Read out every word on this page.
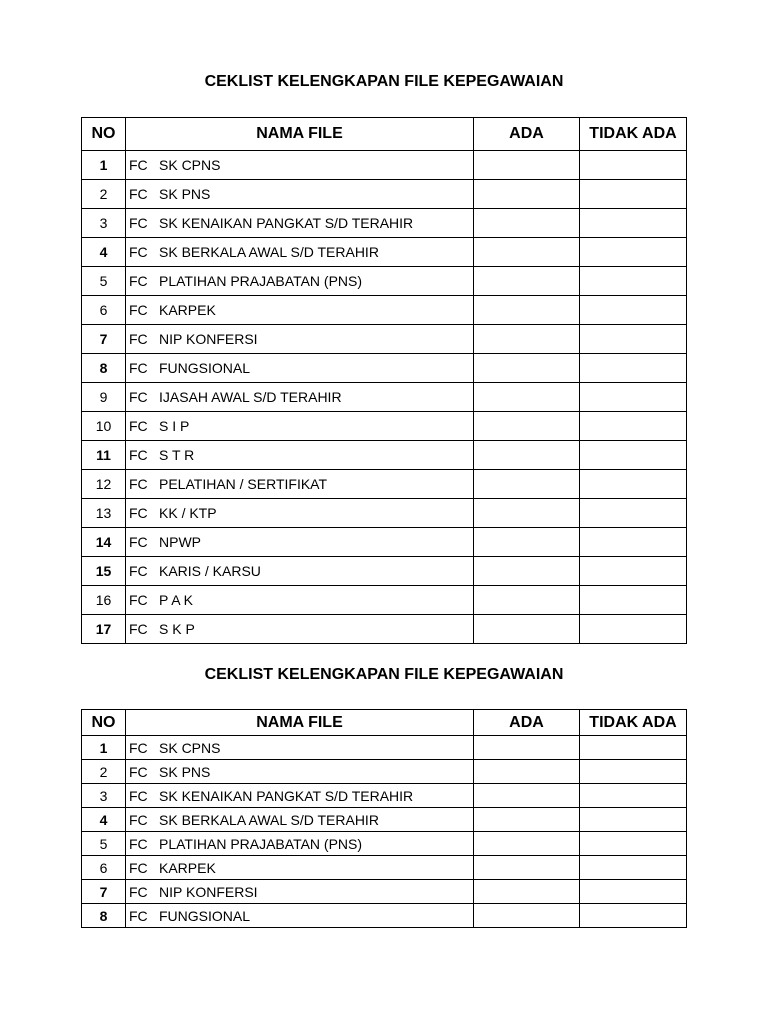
CEKLIST KELENGKAPAN FILE KEPEGAWAIAN
NO	NAMA FILE	ADA	TIDAK ADA
1	FC SK CPNS		
2	FC SK PNS		
3	FC SK KENAIKAN PANGKAT S/D TERAHIR		
4	FC SK BERKALA AWAL S/D TERAHIR		
5	FC PLATIHAN PRAJABATAN (PNS)		
6	FC KARPEK		
7	FC NIP KONFERSI		
8	FC FUNGSIONAL		
9	FC IJASAH AWAL S/D TERAHIR		
10	FC S I P		
11	FC S T R		
12	FC PELATIHAN / SERTIFIKAT		
13	FC KK / KTP		
14	FC NPWP		
15	FC KARIS / KARSU		
16	FC P A K		
17	FC S K P		
CEKLIST KELENGKAPAN FILE KEPEGAWAIAN
NO	NAMA FILE	ADA	TIDAK ADA
1	FC SK CPNS		
2	FC SK PNS		
3	FC SK KENAIKAN PANGKAT S/D TERAHIR		
4	FC SK BERKALA AWAL S/D TERAHIR		
5	FC PLATIHAN PRAJABATAN (PNS)		
6	FC KARPEK		
7	FC NIP KONFERSI		
8	FC FUNGSIONAL		
